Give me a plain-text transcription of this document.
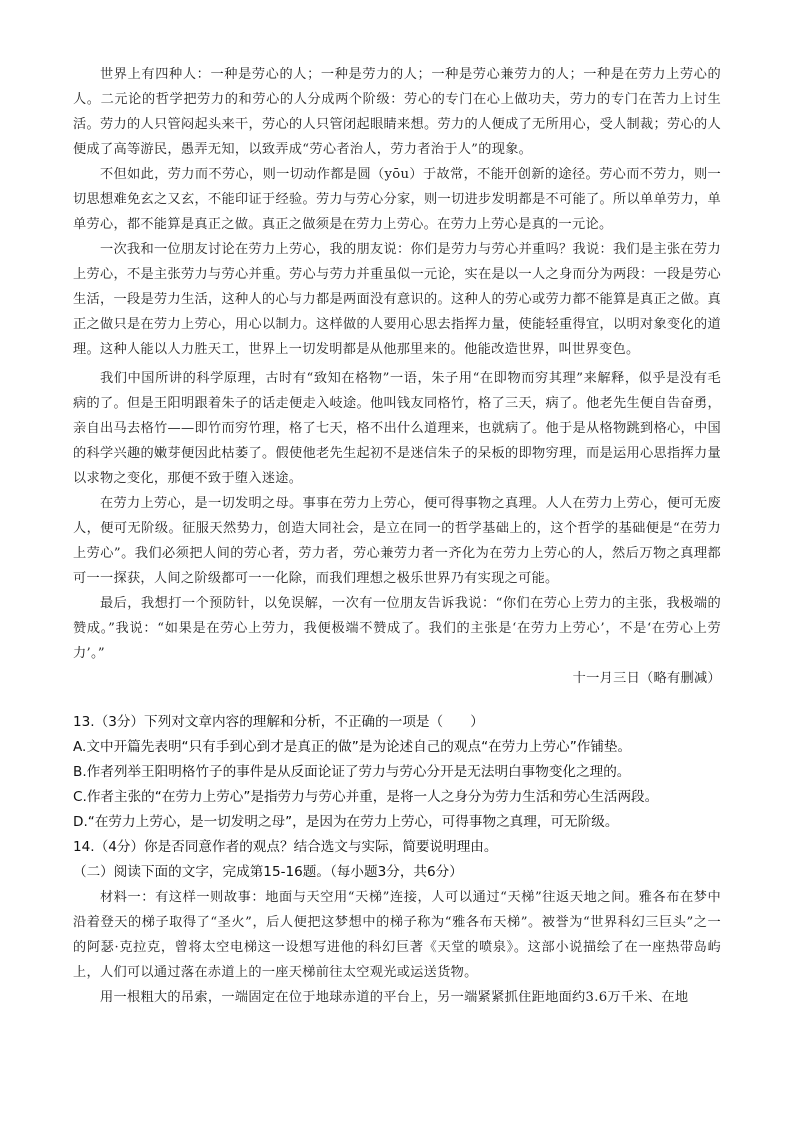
世界上有四种人：一种是劳心的人；一种是劳力的人；一种是劳心兼劳力的人；一种是在劳力上劳心的人。二元论的哲学把劳力的和劳心的人分成两个阶级：劳心的专门在心上做功夫，劳力的专门在苦力上讨生活。劳力的人只管闷起头来干，劳心的人只管闭起眼睛来想。劳力的人便成了无所用心，受人制裁；劳心的人便成了高等游民，愚弄无知，以致弄成“劳心者治人，劳力者治于人”的现象。

不但如此，劳力而不劳心，则一切动作都是圆（yōu）于故常，不能开创新的途径。劳心而不劳力，则一切思想难免玄之又玄，不能印证于经验。劳力与劳心分家，则一切进步发明都是不可能了。所以单单劳力，单单劳心，都不能算是真正之做。真正之做须是在劳力上劳心。在劳力上劳心是真的一元论。

一次我和一位朋友讨论在劳力上劳心，我的朋友说：你们是劳力与劳心并重吗？我说：我们是主张在劳力上劳心，不是主张劳力与劳心并重。劳心与劳力并重虽似一元论，实在是以一人之身而分为两段：一段是劳心生活，一段是劳力生活，这种人的心与力都是两面没有意识的。这种人的劳心或劳力都不能算是真正之做。真正之做只是在劳力上劳心，用心以制力。这样做的人要用心思去指挥力量，使能轻重得宜，以明对象变化的道理。这种人能以人力胜天工，世界上一切发明都是从他那里来的。他能改造世界，叫世界变色。

我们中国所讲的科学原理，古时有“致知在格物”一语，朱子用“在即物而穷其理”来解释，似乎是没有毛病的了。但是王阳明跟着朱子的话走便走入岐途。他叫钱友同格竹，格了三天，病了。他老先生便自告奋勇，亲自出马去格竹——即竹而穷竹理，格了七天，格不出什么道理来，也就病了。他于是从格物跳到格心，中国的科学兴趣的嫩芽便因此枯萎了。假使他老先生起初不是迷信朱子的呆板的即物穷理，而是运用心思指挥力量以求物之变化，那便不致于堕入迷途。

在劳力上劳心，是一切发明之母。事事在劳力上劳心，便可得事物之真理。人人在劳力上劳心，便可无废人，便可无阶级。征服天然势力，创造大同社会，是立在同一的哲学基础上的，这个哲学的基础便是“在劳力上劳心”。我们必须把人间的劳心者，劳力者，劳心兼劳力者一齐化为在劳力上劳心的人，然后万物之真理都可一一探获，人间之阶级都可一一化除，而我们理想之极乐世界乃有实现之可能。

最后，我想打一个预防针，以免误解，一次有一位朋友告诉我说：“你们在劳心上劳力的主张，我极端的赞成。”我说：“如果是在劳心上劳力，我便极端不赞成了。我们的主张是‘在劳力上劳心’，不是‘在劳心上劳力’。”

十一月三日（略有删减）

13.（3分）下列对文章内容的理解和分析，不正确的一项是（　　）

A.文中开篇先表明“只有手到心到才是真正的做”是为论述自己的观点“在劳力上劳心”作铺垫。

B.作者列举王阳明格竹子的事件是从反面论证了劳力与劳心分开是无法明白事物变化之理的。

C.作者主张的“在劳力上劳心”是指劳力与劳心并重，是将一人之身分为劳力生活和劳心生活两段。

D.“在劳力上劳心，是一切发明之母”，是因为在劳力上劳心，可得事物之真理，可无阶级。

14.（4分）你是否同意作者的观点？结合选文与实际，简要说明理由。

（二）阅读下面的文字，完成第15-16题。（每小题3分，共6分）

材料一：有这样一则故事：地面与天空用“天梯”连接，人可以通过“天梯”往返天地之间。雅各布在梦中沿着登天的梯子取得了“圣火”，后人便把这梦想中的梯子称为“雅各布天梯”。被誉为“世界科幻三巨头”之一的阿瑟·克拉克，曾将太空电梯这一设想写进他的科幻巨著《天堂的喷泉》。这部小说描绘了在一座热带岛屿上，人们可以通过落在赤道上的一座天梯前往太空观光或运送货物。

用一根粗大的吊索，一端固定在位于地球赤道的平台上，另一端紧紧抓住距地面约3.6万千米、在地
